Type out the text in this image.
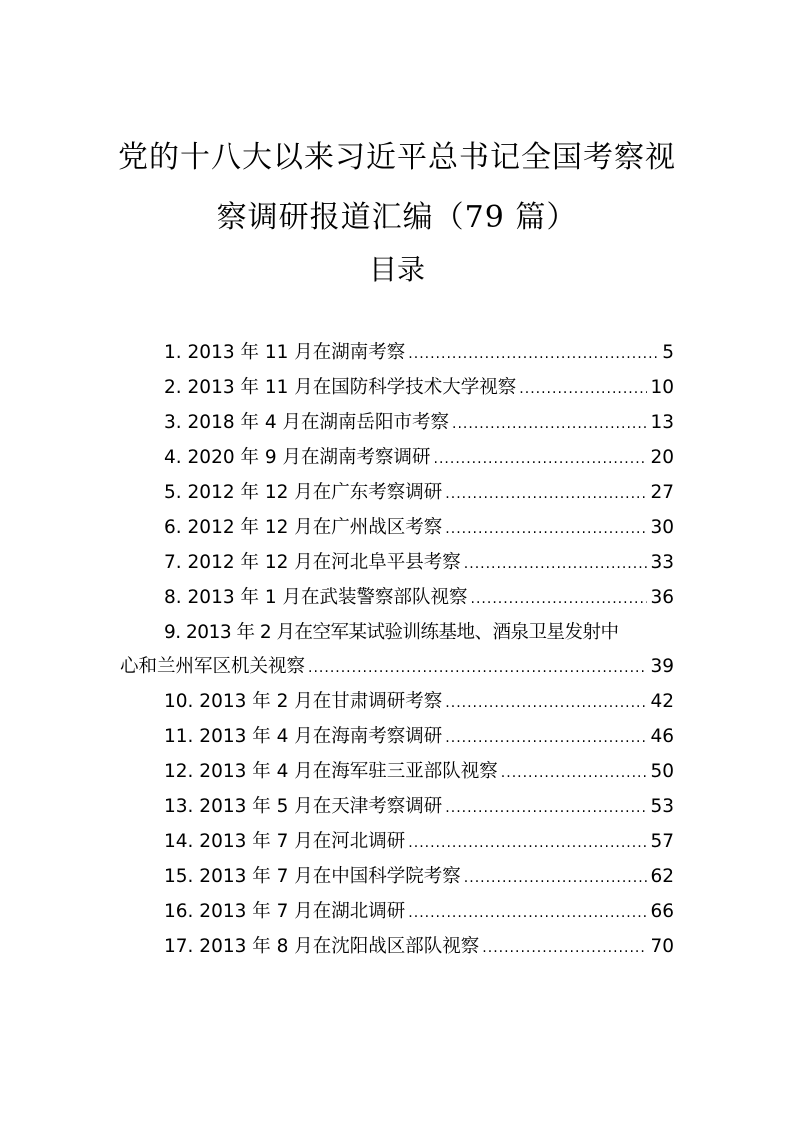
党的十八大以来习近平总书记全国考察视
察调研报道汇编（79 篇）
目录
1. 2013 年 11 月在湖南考察 .....	5
2. 2013 年 11 月在国防科学技术大学视察 .....	10
3. 2018 年 4 月在湖南岳阳市考察 .....	13
4. 2020 年 9 月在湖南考察调研 .....	20
5. 2012 年 12 月在广东考察调研 .....	27
6. 2012 年 12 月在广州战区考察 .....	30
7. 2012 年 12 月在河北阜平县考察 .....	33
8. 2013 年 1 月在武装警察部队视察 .....	36
9. 2013 年 2 月在空军某试验训练基地、酒泉卫星发射中
心和兰州军区机关视察 .....	39
10. 2013 年 2 月在甘肃调研考察 .....	42
11. 2013 年 4 月在海南考察调研 .....	46
12. 2013 年 4 月在海军驻三亚部队视察 .....	50
13. 2013 年 5 月在天津考察调研 .....	53
14. 2013 年 7 月在河北调研 .....	57
15. 2013 年 7 月在中国科学院考察 .....	62
16. 2013 年 7 月在湖北调研 .....	66
17. 2013 年 8 月在沈阳战区部队视察 .....	70
